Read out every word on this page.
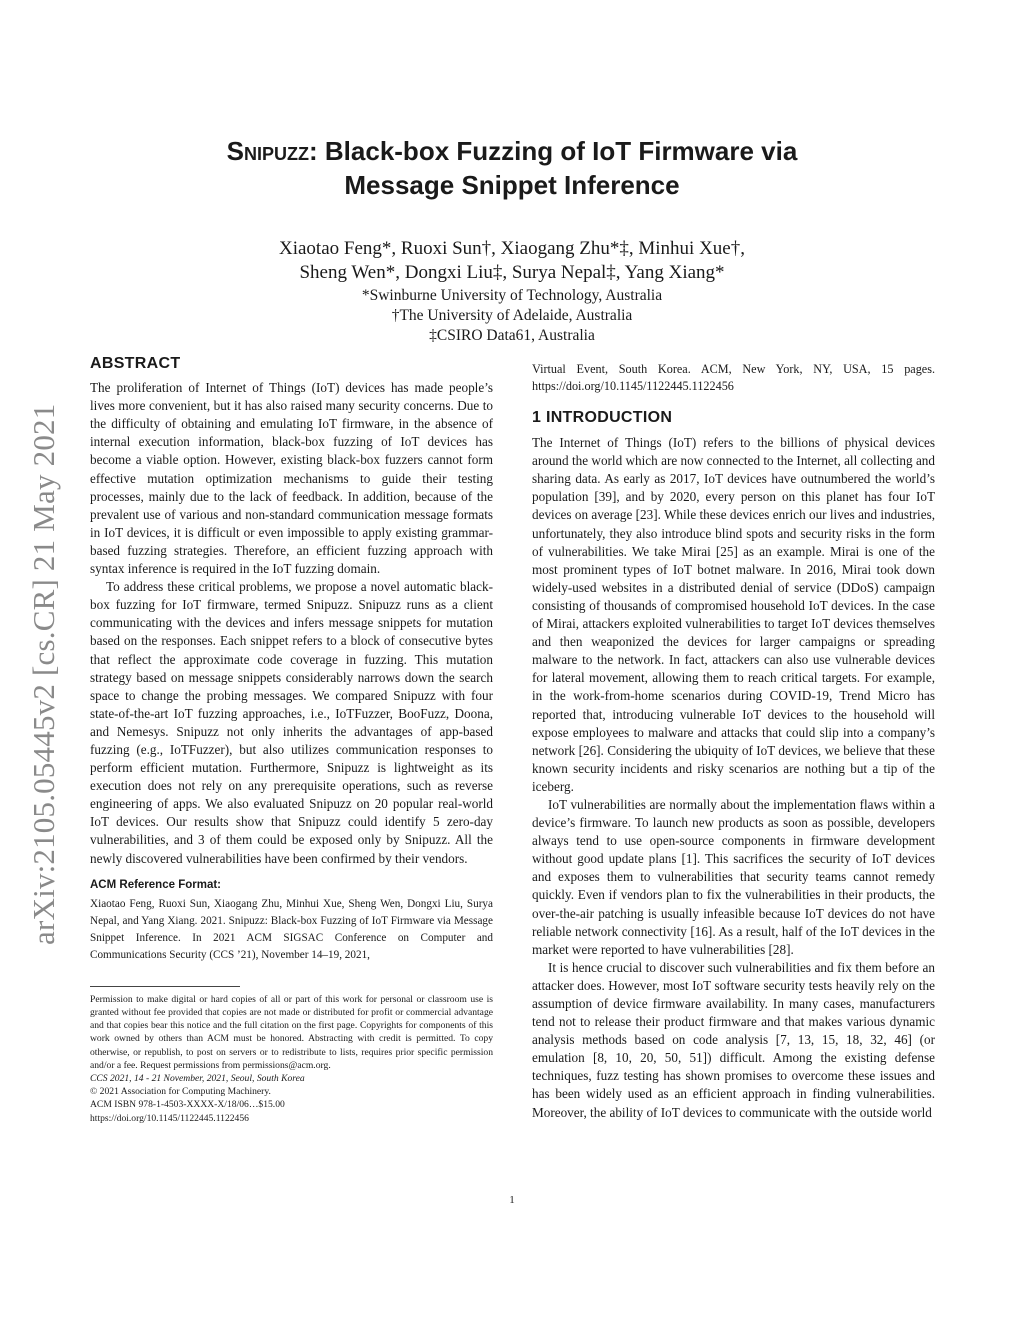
arXiv:2105.05445v2 [cs.CR] 21 May 2021
Snipuzz: Black-box Fuzzing of IoT Firmware via
Message Snippet Inference
Xiaotao Feng*, Ruoxi Sun†, Xiaogang Zhu*‡, Minhui Xue†,
Sheng Wen*, Dongxi Liu‡, Surya Nepal‡, Yang Xiang*
*Swinburne University of Technology, Australia
†The University of Adelaide, Australia
‡CSIRO Data61, Australia
ABSTRACT

The proliferation of Internet of Things (IoT) devices has made people’s lives more convenient, but it has also raised many security concerns. Due to the difficulty of obtaining and emulating IoT firmware, in the absence of internal execution information, black-box fuzzing of IoT devices has become a viable option. However, existing black-box fuzzers cannot form effective mutation optimization mechanisms to guide their testing processes, mainly due to the lack of feedback. In addition, because of the prevalent use of various and non-standard communication message formats in IoT devices, it is difficult or even impossible to apply existing grammar-based fuzzing strategies. Therefore, an efficient fuzzing approach with syntax inference is required in the IoT fuzzing domain.

To address these critical problems, we propose a novel automatic black-box fuzzing for IoT firmware, termed Snipuzz. Snipuzz runs as a client communicating with the devices and infers message snippets for mutation based on the responses. Each snippet refers to a block of consecutive bytes that reflect the approximate code coverage in fuzzing. This mutation strategy based on message snippets considerably narrows down the search space to change the probing messages. We compared Snipuzz with four state-of-the-art IoT fuzzing approaches, i.e., IoTFuzzer, BooFuzz, Doona, and Nemesys. Snipuzz not only inherits the advantages of app-based fuzzing (e.g., IoTFuzzer), but also utilizes communication responses to perform efficient mutation. Furthermore, Snipuzz is lightweight as its execution does not rely on any prerequisite operations, such as reverse engineering of apps. We also evaluated Snipuzz on 20 popular real-world IoT devices. Our results show that Snipuzz could identify 5 zero-day vulnerabilities, and 3 of them could be exposed only by Snipuzz. All the newly discovered vulnerabilities have been confirmed by their vendors.

ACM Reference Format:

Xiaotao Feng, Ruoxi Sun, Xiaogang Zhu, Minhui Xue, Sheng Wen, Dongxi Liu, Surya Nepal, and Yang Xiang. 2021. Snipuzz: Black-box Fuzzing of IoT Firmware via Message Snippet Inference. In 2021 ACM SIGSAC Conference on Computer and Communications Security (CCS ’21), November 14–19, 2021,

Permission to make digital or hard copies of all or part of this work for personal or classroom use is granted without fee provided that copies are not made or distributed for profit or commercial advantage and that copies bear this notice and the full citation on the first page. Copyrights for components of this work owned by others than ACM must be honored. Abstracting with credit is permitted. To copy otherwise, or republish, to post on servers or to redistribute to lists, requires prior specific permission and/or a fee. Request permissions from permissions@acm.org.

CCS 2021, 14 - 21 November, 2021, Seoul, South Korea

© 2021 Association for Computing Machinery.

ACM ISBN 978-1-4503-XXXX-X/18/06…$15.00

https://doi.org/10.1145/1122445.1122456

Virtual Event, South Korea. ACM, New York, NY, USA, 15 pages. https://doi.org/10.1145/1122445.1122456

1 INTRODUCTION

The Internet of Things (IoT) refers to the billions of physical devices around the world which are now connected to the Internet, all collecting and sharing data. As early as 2017, IoT devices have outnumbered the world’s population [39], and by 2020, every person on this planet has four IoT devices on average [23]. While these devices enrich our lives and industries, unfortunately, they also introduce blind spots and security risks in the form of vulnerabilities. We take Mirai [25] as an example. Mirai is one of the most prominent types of IoT botnet malware. In 2016, Mirai took down widely-used websites in a distributed denial of service (DDoS) campaign consisting of thousands of compromised household IoT devices. In the case of Mirai, attackers exploited vulnerabilities to target IoT devices themselves and then weaponized the devices for larger campaigns or spreading malware to the network. In fact, attackers can also use vulnerable devices for lateral movement, allowing them to reach critical targets. For example, in the work-from-home scenarios during COVID-19, Trend Micro has reported that, introducing vulnerable IoT devices to the household will expose employees to malware and attacks that could slip into a company’s network [26]. Considering the ubiquity of IoT devices, we believe that these known security incidents and risky scenarios are nothing but a tip of the iceberg.

IoT vulnerabilities are normally about the implementation flaws within a device’s firmware. To launch new products as soon as possible, developers always tend to use open-source components in firmware development without good update plans [1]. This sacrifices the security of IoT devices and exposes them to vulnerabilities that security teams cannot remedy quickly. Even if vendors plan to fix the vulnerabilities in their products, the over-the-air patching is usually infeasible because IoT devices do not have reliable network connectivity [16]. As a result, half of the IoT devices in the market were reported to have vulnerabilities [28].

It is hence crucial to discover such vulnerabilities and fix them before an attacker does. However, most IoT software security tests heavily rely on the assumption of device firmware availability. In many cases, manufacturers tend not to release their product firmware and that makes various dynamic analysis methods based on code analysis [7, 13, 15, 18, 32, 46] (or emulation [8, 10, 20, 50, 51]) difficult. Among the existing defense techniques, fuzz testing has shown promises to overcome these issues and has been widely used as an efficient approach in finding vulnerabilities. Moreover, the ability of IoT devices to communicate with the outside world

1
